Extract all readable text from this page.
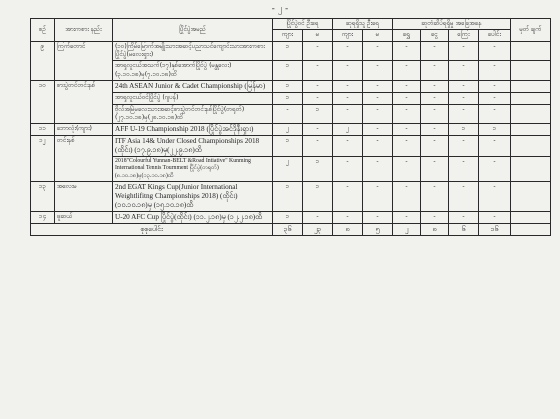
- ၂ -
စဥ်	အားကစား နည်း	ပြိုင်ပွဲအမည်	ပြိုင်ပွဲဝင် ဦးရေ		ဆုရရှိသူ ဦးရေ		ဆုတံဆိပ်ရရှိမှု အခြေအနေ				မှတ် ချက်
			ကျား	မ	ကျား	မ	ရွှေ	ငွေ	ကြေး	ပေါင်း	
၉	ကြက်တောင်	(၁၀)ကြိမ်မြောက်အမျိုးသားအဆင့်ပညာသင်ကျောင်းသားအားကစားပြိုင်ပွဲ(မလေးရှား)	၁	-	-	-	-	-	-	-	
		အာရှလူငယ်အသက်(၁၇)နှစ်အောက်ပြိုင်ပွဲ (မန္တလေး)(၃.၁၀.၁၈)မှ(၇.၁၀.၁၈)ထိ	၁	-	-	-	-	-	-	-	
၁၀	စားပွဲတင်တင်းနစ်	24th ASEAN Junior & Cadet Championship (မြန်မာ)	၁	-	-	-	-	-	-	-	
		အာရှလူငယ်ဝင်ပြိုင်ပွဲ (ဂျပန်)	၁	-	-	-	-	-	-	-	
		ဗိုလ်အမြဲမလေးသားအဆင့်စားပွဲတင်တင်းနစ်ပြိုင်ပွဲ(တရုတ်)(၂၇.၁၀.၁၈)မှ(၂၈.၁၀.၁၈)ထိ	-	၁	-	-	-	-	-	-	
၁၁	ဘောလုံး(ကျား)	AFF U-19 Championship 2018 (ပြိုင်ပွဲအင်ဒိုနီးရှား)	၂	-	၂	-	-	-	၁	၁	
၁၂	တင်းနစ်	ITF Asia 14& Under Closed Championships 2018 (ထိုင်း) (၁၇.၉.၁၈)မှ(၂၂.၉.၁၈)ထိ	၁	-	-	-	-	-	-	-	
		2018"Colourful Yunnan-BELT &Road Intiative" Kunming International Tennis Tournment ပြိုင်ပွဲ(တရုတ်) (၈.၁၀.၁၈)မှ(၁၃.၁၀.၁၈)ထိ	၂	၁	-	-	-	-	-	-	
၁၃	အလေးမ	2nd EGAT Kings Cup(Junior International Weightlifitng Championships 2018) (ထိုင်း) (၁၀.၁၀.၁၈)မှ (၁၅.၁၀.၁၈)ထိ	၁	၁	-	-	-	-	-	-	
၁၄	ဖူဆယ်	U-20 AFC Cup ပြိုင်ပွဲ(ထိုင်း) (၁၁.၂.၁၈)မှ (၁၂.၂.၁၈)ထိ	၁	-	-	-	-	-	-	-	
စုစုပေါင်း			၃၆	၂၃	၈	၅	၂	၈	၆	၁၆	
